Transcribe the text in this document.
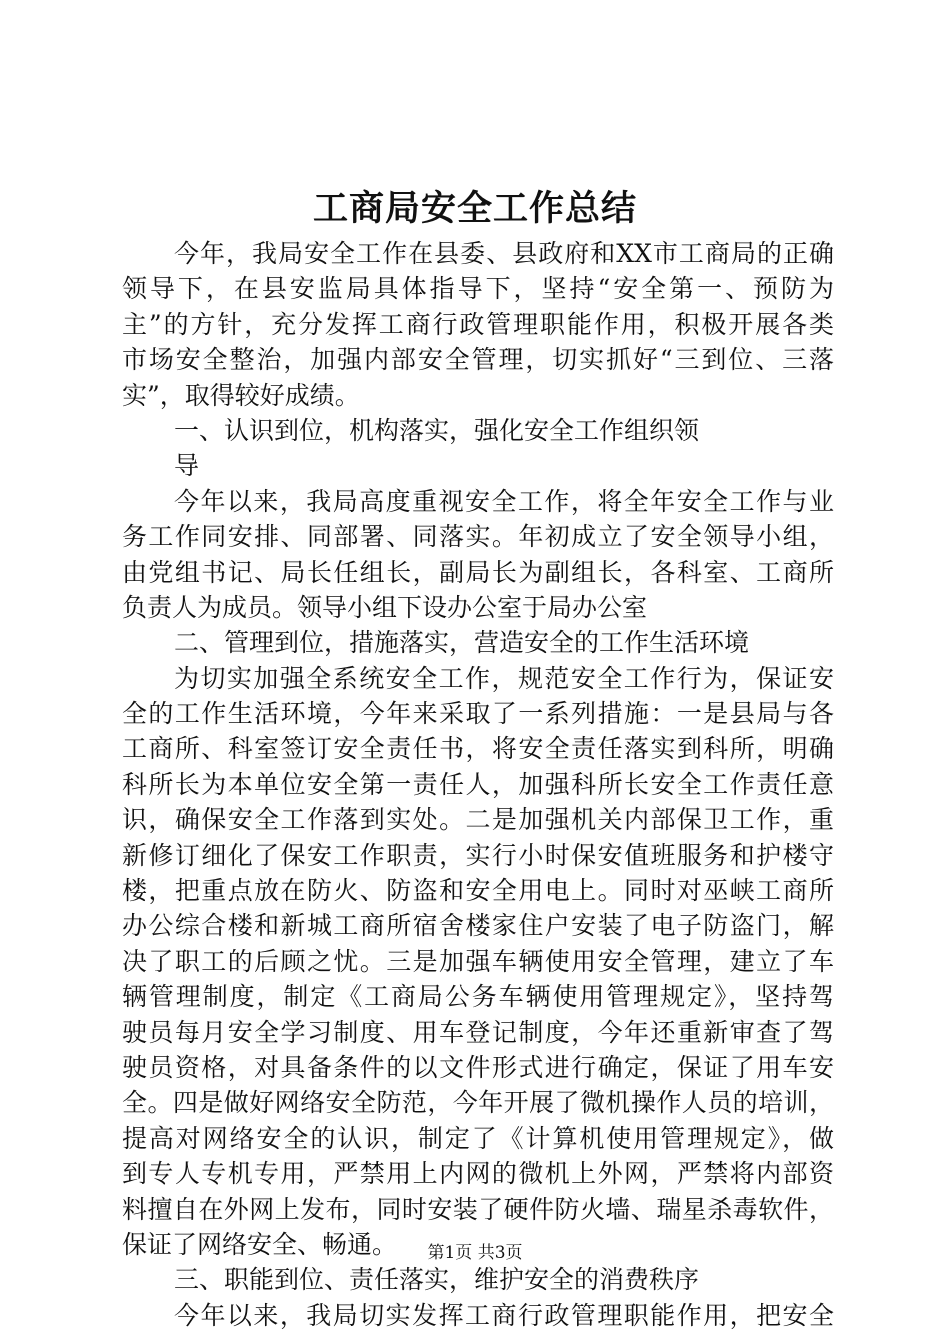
工商局安全工作总结
今年，我局安全工作在县委、县政府和XX市工商局的正确
领导下，在县安监局具体指导下，坚持“安全第一、预防为
主”的方针，充分发挥工商行政管理职能作用，积极开展各类
市场安全整治，加强内部安全管理，切实抓好“三到位、三落
实”，取得较好成绩。
一、认识到位，机构落实，强化安全工作组织领
导
今年以来，我局高度重视安全工作，将全年安全工作与业
务工作同安排、同部署、同落实。年初成立了安全领导小组，
由党组书记、局长任组长，副局长为副组长，各科室、工商所
负责人为成员。领导小组下设办公室于局办公室
二、管理到位，措施落实，营造安全的工作生活环境
为切实加强全系统安全工作，规范安全工作行为，保证安
全的工作生活环境，今年来采取了一系列措施：一是县局与各
工商所、科室签订安全责任书，将安全责任落实到科所，明确
科所长为本单位安全第一责任人，加强科所长安全工作责任意
识，确保安全工作落到实处。二是加强机关内部保卫工作，重
新修订细化了保安工作职责，实行小时保安值班服务和护楼守
楼，把重点放在防火、防盗和安全用电上。同时对巫峡工商所
办公综合楼和新城工商所宿舍楼家住户安装了电子防盗门，解
决了职工的后顾之忧。三是加强车辆使用安全管理，建立了车
辆管理制度，制定《工商局公务车辆使用管理规定》，坚持驾
驶员每月安全学习制度、用车登记制度，今年还重新审查了驾
驶员资格，对具备条件的以文件形式进行确定，保证了用车安
全。四是做好网络安全防范，今年开展了微机操作人员的培训，
提高对网络安全的认识，制定了《计算机使用管理规定》，做
到专人专机专用，严禁用上内网的微机上外网，严禁将内部资
料擅自在外网上发布，同时安装了硬件防火墙、瑞星杀毒软件，
保证了网络安全、畅通。
三、职能到位、责任落实，维护安全的消费秩序
今年以来，我局切实发挥工商行政管理职能作用，把安全
第1页 共3页
